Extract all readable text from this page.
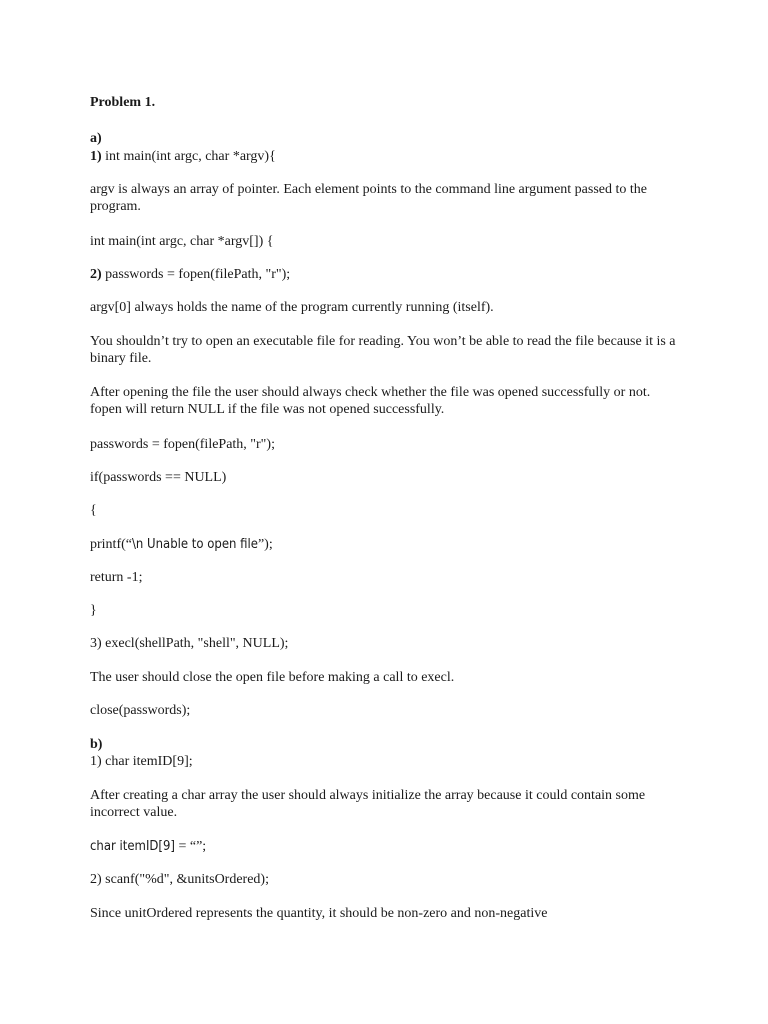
Problem 1.
a)
1) int main(int argc, char *argv){
argv is always an array of pointer. Each element points to the command line argument passed to the program.
int main(int argc, char *argv[]) {
2) passwords = fopen(filePath, "r");
argv[0] always holds the name of the program currently running (itself).
You shouldn’t try to open an executable file for reading. You won’t be able to read the file because it is a binary file.
After opening the file the user should always check whether the file was opened successfully or not. fopen will return NULL if the file was not opened successfully.
passwords = fopen(filePath, "r");
if(passwords == NULL)
{
printf(“\n Unable to open file”);
return -1;
}
3) execl(shellPath, "shell", NULL);
The user should close the open file before making a call to execl.
close(passwords);
b)
1) char itemID[9];
After creating a char array the user should always initialize the array because it could contain some incorrect value.
char itemID[9] = “”;
2) scanf("%d", &unitsOrdered);
Since unitOrdered represents the quantity, it should be non-zero and non-negative
